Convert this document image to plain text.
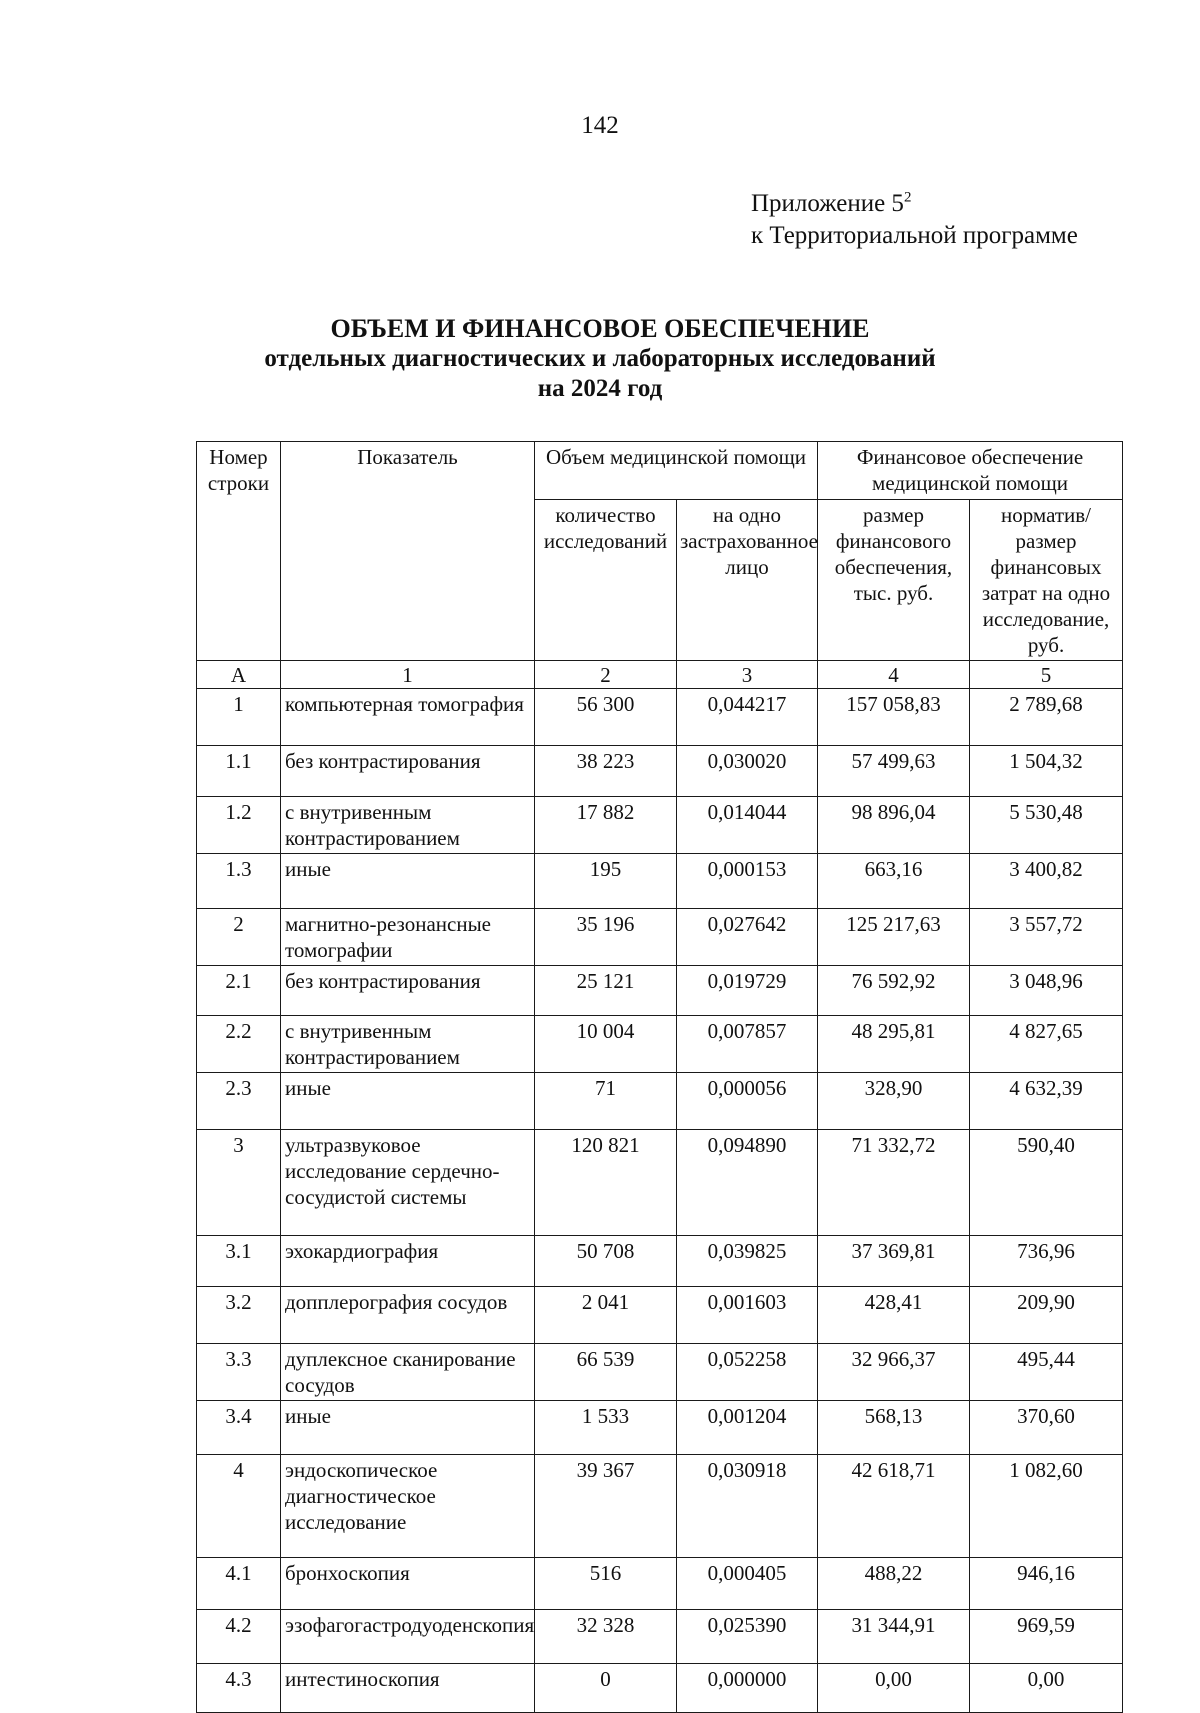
142
Приложение $5^2$
к Территориальной программе
ОБЪЕМ И ФИНАНСОВОЕ ОБЕСПЕЧЕНИЕ
отдельных диагностических и лабораторных исследований
на 2024 год
Номер строки	Показатель	Объем медицинской помощи		Финансовое обеспечение медицинской помощи	
		количество исследований	на одно застрахованное лицо	размер финансового обеспечения, тыс. руб.	норматив/ размер финансовых затрат на одно исследование, руб.
А	1	2	3	4	5
1	компьютерная томография	56 300	0,044217	157 058,83	2 789,68
1.1	без контрастирования	38 223	0,030020	57 499,63	1 504,32
1.2	с внутривенным контрастированием	17 882	0,014044	98 896,04	5 530,48
1.3	иные	195	0,000153	663,16	3 400,82
2	магнитно-резонансные томографии	35 196	0,027642	125 217,63	3 557,72
2.1	без контрастирования	25 121	0,019729	76 592,92	3 048,96
2.2	с внутривенным контрастированием	10 004	0,007857	48 295,81	4 827,65
2.3	иные	71	0,000056	328,90	4 632,39
3	ультразвуковое исследование сердечно-сосудистой системы	120 821	0,094890	71 332,72	590,40
3.1	эхокардиография	50 708	0,039825	37 369,81	736,96
3.2	допплерография сосудов	2 041	0,001603	428,41	209,90
3.3	дуплексное сканирование сосудов	66 539	0,052258	32 966,37	495,44
3.4	иные	1 533	0,001204	568,13	370,60
4	эндоскопическое диагностическое исследование	39 367	0,030918	42 618,71	1 082,60
4.1	бронхоскопия	516	0,000405	488,22	946,16
4.2	эзофагогастродуоденскопия	32 328	0,025390	31 344,91	969,59
4.3	интестиноскопия	0	0,000000	0,00	0,00
